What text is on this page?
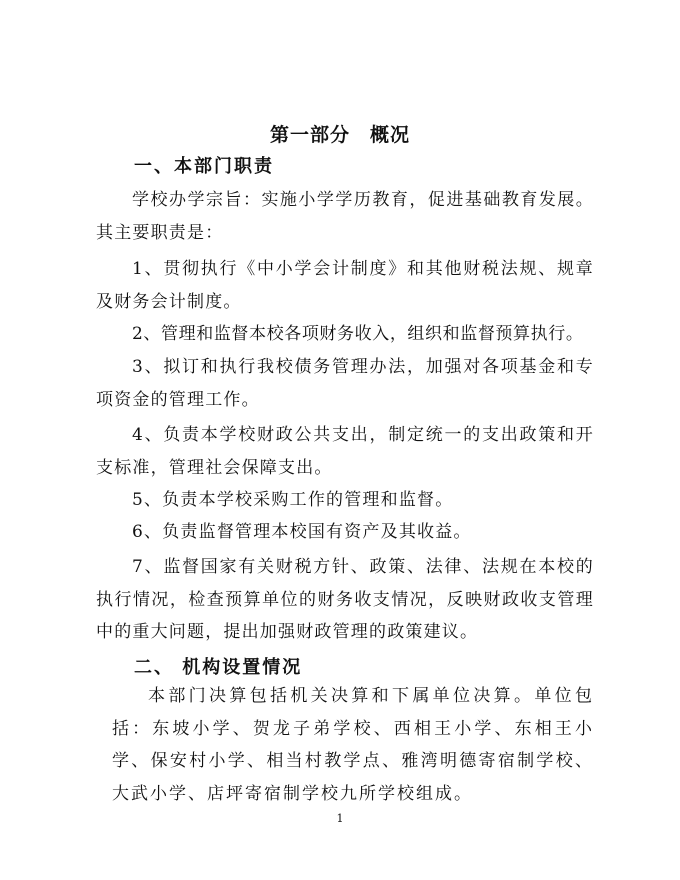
第一部分　概况
一、本部门职责

学校办学宗旨：实施小学学历教育，促进基础教育发展。其主要职责是：

1、贯彻执行《中小学会计制度》和其他财税法规、规章及财务会计制度。

2、管理和监督本校各项财务收入，组织和监督预算执行。

3、拟订和执行我校债务管理办法，加强对各项基金和专项资金的管理工作。

4、负责本学校财政公共支出，制定统一的支出政策和开支标准，管理社会保障支出。

5、负责本学校采购工作的管理和监督。

6、负责监督管理本校国有资产及其收益。

7、监督国家有关财税方针、政策、法律、法规在本校的执行情况，检查预算单位的财务收支情况，反映财政收支管理中的重大问题，提出加强财政管理的政策建议。

二、 机构设置情况

本部门决算包括机关决算和下属单位决算。单位包括：东坡小学、贺龙子弟学校、西相王小学、东相王小学、保安村小学、相当村教学点、雅湾明德寄宿制学校、大武小学、店坪寄宿制学校九所学校组成。

1
